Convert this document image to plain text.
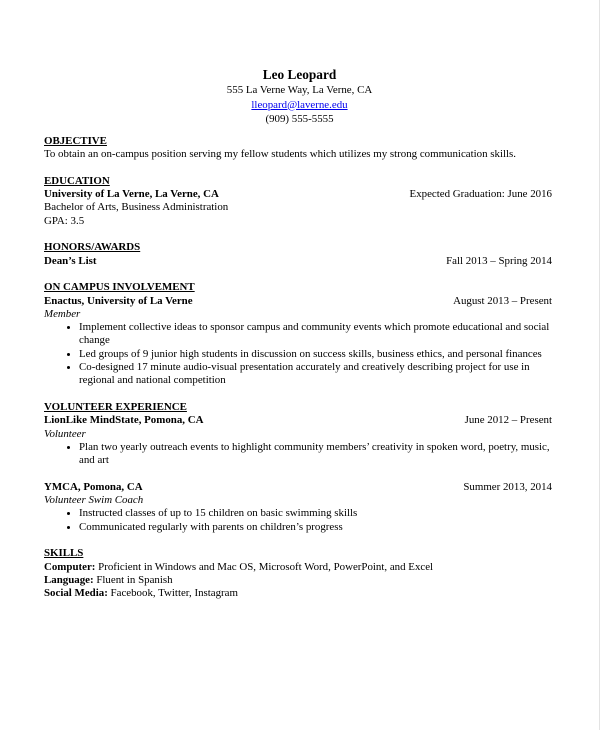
Leo Leopard
555 La Verne Way, La Verne, CA
lleopard@laverne.edu
(909) 555-5555
OBJECTIVE
To obtain an on-campus position serving my fellow students which utilizes my strong communication skills.
EDUCATION
University of La Verne, La Verne, CA	Expected Graduation: June 2016
Bachelor of Arts, Business Administration
GPA: 3.5
HONORS/AWARDS
Dean’s List	Fall 2013 – Spring 2014
ON CAMPUS INVOLVEMENT
Enactus, University of La Verne	August 2013 – Present
Member
• Implement collective ideas to sponsor campus and community events which promote educational and social change
• Led groups of 9 junior high students in discussion on success skills, business ethics, and personal finances
• Co-designed 17 minute audio-visual presentation accurately and creatively describing project for use in regional and national competition
VOLUNTEER EXPERIENCE
LionLike MindState, Pomona, CA	June 2012 – Present
Volunteer
• Plan two yearly outreach events to highlight community members’ creativity in spoken word, poetry, music, and art
YMCA, Pomona, CA	Summer 2013, 2014
Volunteer Swim Coach
• Instructed classes of up to 15 children on basic swimming skills
• Communicated regularly with parents on children’s progress
SKILLS
Computer: Proficient in Windows and Mac OS, Microsoft Word, PowerPoint, and Excel
Language: Fluent in Spanish
Social Media: Facebook, Twitter, Instagram
